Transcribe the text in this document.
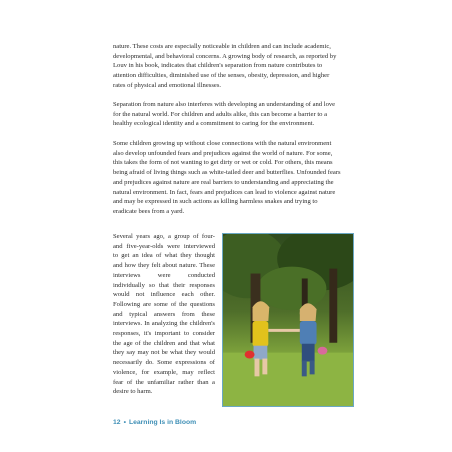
nature. These costs are especially noticeable in children and can include academic, developmental, and behavioral concerns. A growing body of research, as reported by Louv in his book, indicates that children's separation from nature contributes to attention difficulties, diminished use of the senses, obesity, depression, and higher rates of physical and emotional illnesses.

Separation from nature also interferes with developing an understanding of and love for the natural world. For children and adults alike, this can become a barrier to a healthy ecological identity and a commitment to caring for the environment.

Some children growing up without close connections with the natural environment also develop unfounded fears and prejudices against the world of nature. For some, this takes the form of not wanting to get dirty or wet or cold. For others, this means being afraid of living things such as white-tailed deer and butterflies. Unfounded fears and prejudices against nature are real barriers to understanding and appreciating the natural environment. In fact, fears and prejudices can lead to violence against nature and may be expressed in such actions as killing harmless snakes and trying to eradicate bees from a yard.

Several years ago, a group of four- and five-year-olds were interviewed to get an idea of what they thought and how they felt about nature. These interviews were conducted individually so that their responses would not influence each other. Following are some of the questions and typical answers from these interviews. In analyzing the children's responses, it's important to consider the age of the children and that what they say may not be what they would necessarily do. Some expressions of violence, for example, may reflect fear of the unfamiliar rather than a desire to harm.

12 • Learning Is in Bloom
